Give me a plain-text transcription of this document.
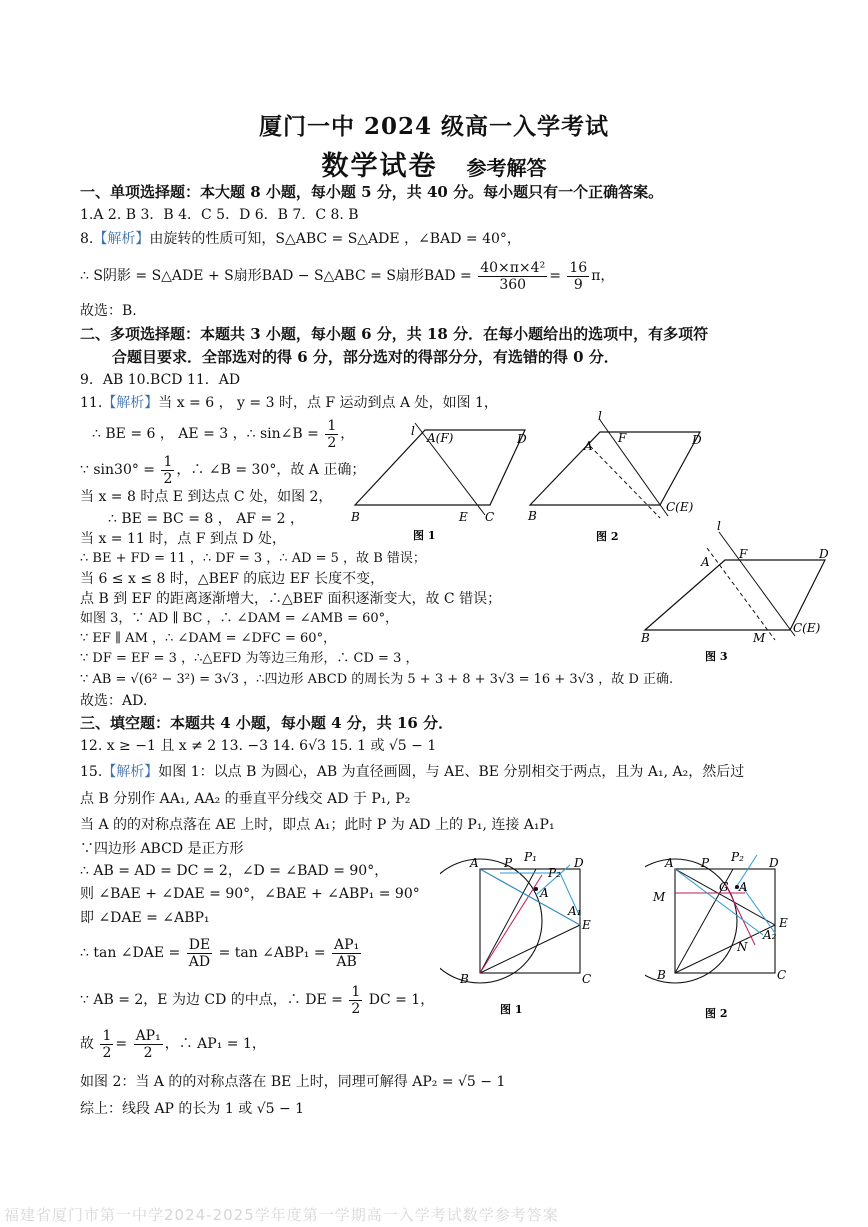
厦门一中 2024 级高一入学考试
数学试卷 参考解答
一、单项选择题：本大题 8 小题，每小题 5 分，共 40 分。每小题只有一个正确答案。
1.A 2. B 3．B 4．C 5．D 6．B 7．C 8. B
8.【解析】由旋转的性质可知，S△ABC = S△ADE ，∠BAD = 40°，
∴ S阴影 = S△ADE + S扇形BAD − S△ABC = S扇形BAD = $\frac{\text{40×π×4²}}{360} = \frac{16}{9}$ π，
故选：B.
二、多项选择题：本题共 3 小题，每小题 6 分，共 18 分．在每小题给出的选项中，有多项符
合题目要求．全部选对的得 6 分，部分选对的得部分分，有选错的得 0 分．
9．AB 10.BCD 11．AD
11.【解析】当 x = 6 ， y = 3 时，点 F 运动到点 A 处，如图 1，
∴ BE = 6 ， AE = 3 ，∴ sin∠B = $\frac{1}{2}$ ，
∵ $\sin 30^\circ = \frac{1}{2}$ ，∴ ∠B = 30°，故 A 正确；
当 x = 8 时点 E 到达点 C 处，如图 2，
∴ BE = BC = 8 ， AF = 2 ，
当 x = 11 时，点 F 到点 D 处，
∴ BE + FD = 11 ，∴ DF = 3 ，∴ AD = 5 ，故 B 错误；
当 6 ≤ x ≤ 8 时，△BEF 的底边 EF 长度不变，
点 B 到 EF 的距离逐渐增大，∴△BEF 面积逐渐变大，故 C 错误；
如图 3，∵ AD ∥ BC ，∴ ∠DAM = ∠AMB = 60°，
∵ EF ∥ AM ，∴ ∠DAM = ∠DFC = 60°，
∵ DF = EF = 3 ，∴△EFD 为等边三角形，∴ CD = 3 ，
∵ AB = √(6² − 3²) = 3√3 ，∴四边形 ABCD 的周长为 5 + 3 + 8 + 3√3 = 16 + 3√3 ，故 D 正确.
故选：AD.
三、填空题：本题共 4 小题，每小题 4 分，共 16 分．
12. x ≥ −1 且 x ≠ 2 13. −3 14. 6√3 15. 1 或 √5 − 1
15.【解析】如图 1：以点 B 为圆心，AB 为直径画圆，与 AE、BE 分别相交于两点，且为 A₁, A₂，然后过
点 B 分别作 AA₁, AA₂ 的垂直平分线交 AD 于 P₁, P₂
当 A 的的对称点落在 AE 上时，即点 A₁；此时 P 为 AD 上的 P₁, 连接 A₁P₁
∵四边形 ABCD 是正方形
∴ AB = AD = DC = 2，∠D = ∠BAD = 90°，
则 ∠BAE + ∠DAE = 90°，∠BAE + ∠ABP₁ = 90°
即 ∠DAE = ∠ABP₁
∴ tan ∠DAE = $\frac{DE}{AD} = \tan$ ∠ABP₁ = $\frac{\text{AP₁}}{AB}$
∵ AB = 2，E 为边 CD 的中点，∴ DE = $\frac{1}{2}$ DC = 1，
故 $\frac{1}{2} = \frac{\text{AP₁}}{2}$ ，∴ AP₁ = 1，
如图 2：当 A 的的对称点落在 BE 上时，同理可解得 AP₂ = √5 − 1
综上：线段 AP 的长为 1 或 √5 − 1
l A(F)	D
B	E C
图 1
l
A
F	D
B
C(E)
图 2
l
A
F	D
B	M
C(E)
图 3
A P P₁
P₂
D
A
A₁
E
B	C
图 1
A P P₂ D
M
G A
E
A₂
N
B	C
图 2
福建省厦门市第一中学2024-2025学年度第一学期高一入学考试数学参考答案
